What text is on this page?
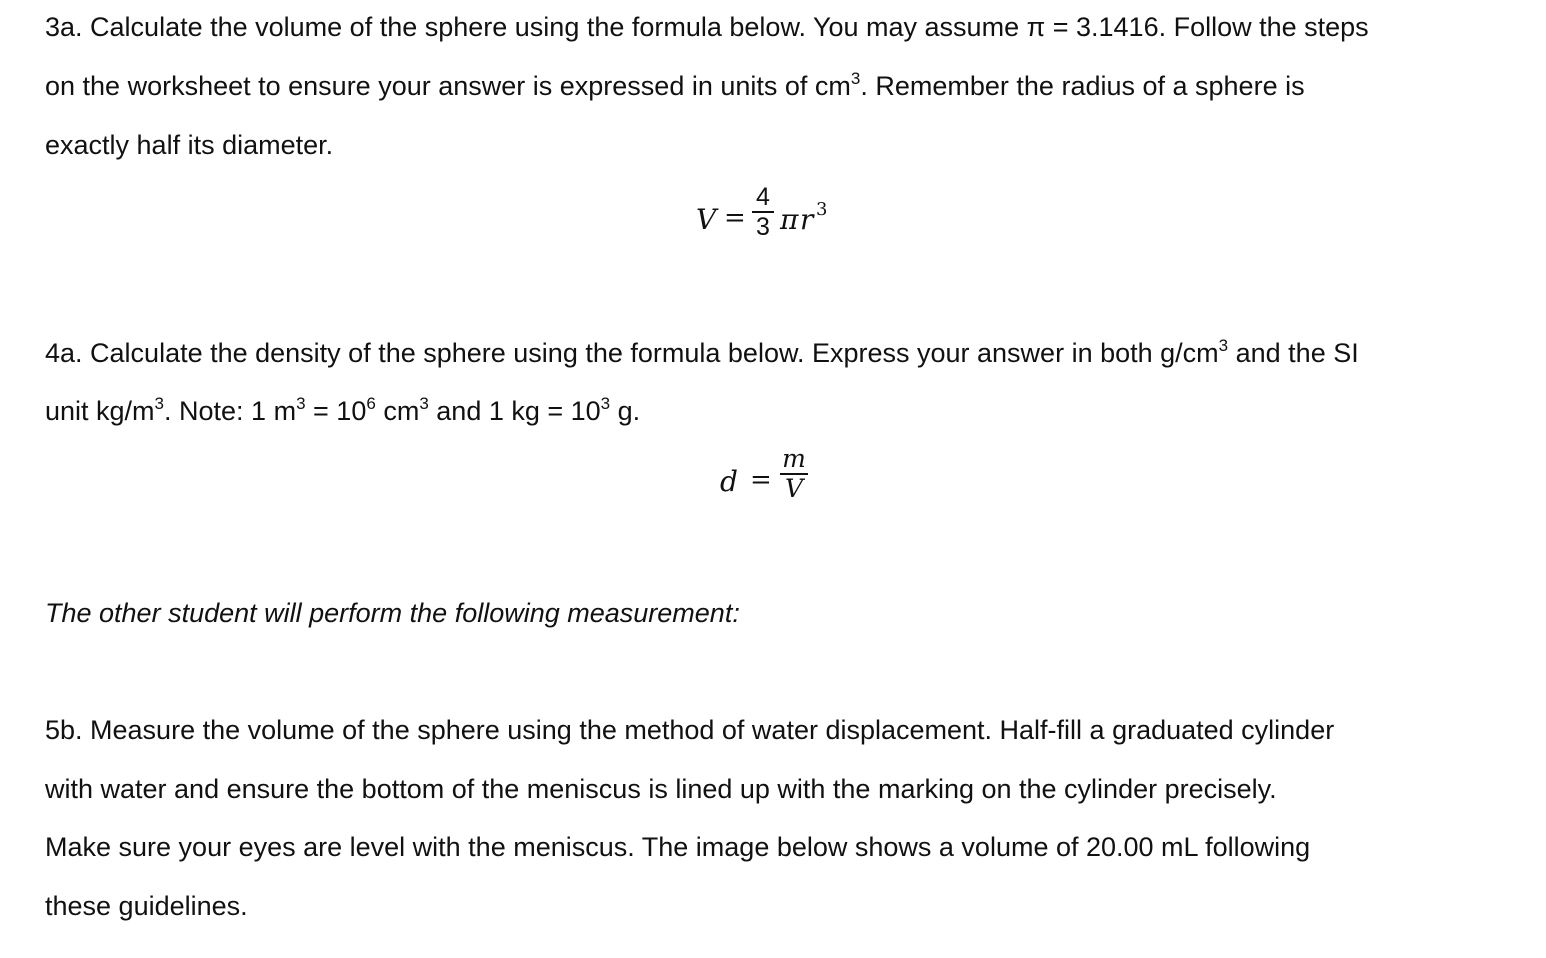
3a. Calculate the volume of the sphere using the formula below. You may assume π = 3.1416. Follow the steps
on the worksheet to ensure your answer is expressed in units of $cm^3$. Remember the radius of a sphere is
exactly half its diameter.
V =
4
3 π r 3
4a. Calculate the density of the sphere using the formula below. Express your answer in both $g/cm^3$ and the SI
unit $kg/m^3$. Note: 1 $m^3 = 10^6$ $cm^3$ and 1 kg = $10^3$ g.
d =
m
V
The other student will perform the following measurement:
5b. Measure the volume of the sphere using the method of water displacement. Half-fill a graduated cylinder
with water and ensure the bottom of the meniscus is lined up with the marking on the cylinder precisely.
Make sure your eyes are level with the meniscus. The image below shows a volume of 20.00 mL following
these guidelines.
